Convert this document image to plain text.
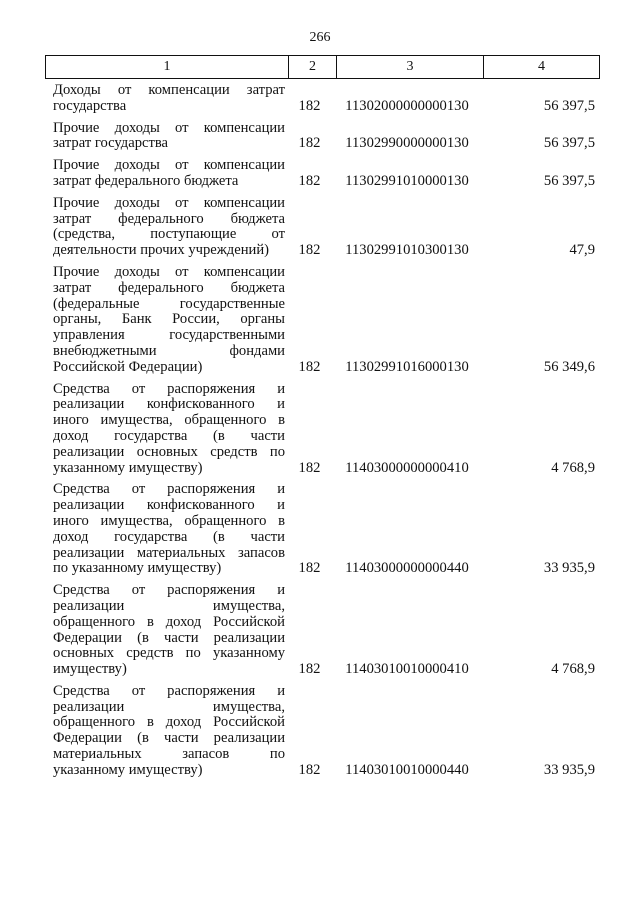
266
1	2	3	4
Доходы от компенсации затрат государства	182	11302000000000130	56 397,5
Прочие доходы от компенсации затрат государства	182	11302990000000130	56 397,5
Прочие доходы от компенсации затрат федерального бюджета	182	11302991010000130	56 397,5
Прочие доходы от компенсации затрат федерального бюджета (средства, поступающие от деятельности прочих учреждений)	182	11302991010300130	47,9
Прочие доходы от компенсации затрат федерального бюджета (федеральные государственные органы, Банк России, органы управления государственными внебюджетными фондами Российской Федерации)	182	11302991016000130	56 349,6
Средства от распоряжения и реализации конфискованного и иного имущества, обращенного в доход государства (в части реализации основных средств по указанному имуществу)	182	11403000000000410	4 768,9
Средства от распоряжения и реализации конфискованного и иного имущества, обращенного в доход государства (в части реализации материальных запасов по указанному имуществу)	182	11403000000000440	33 935,9
Средства от распоряжения и реализации имущества, обращенного в доход Российской Федерации (в части реализации основных средств по указанному имуществу)	182	11403010010000410	4 768,9
Средства от распоряжения и реализации имущества, обращенного в доход Российской Федерации (в части реализации материальных запасов по указанному имуществу)	182	11403010010000440	33 935,9
